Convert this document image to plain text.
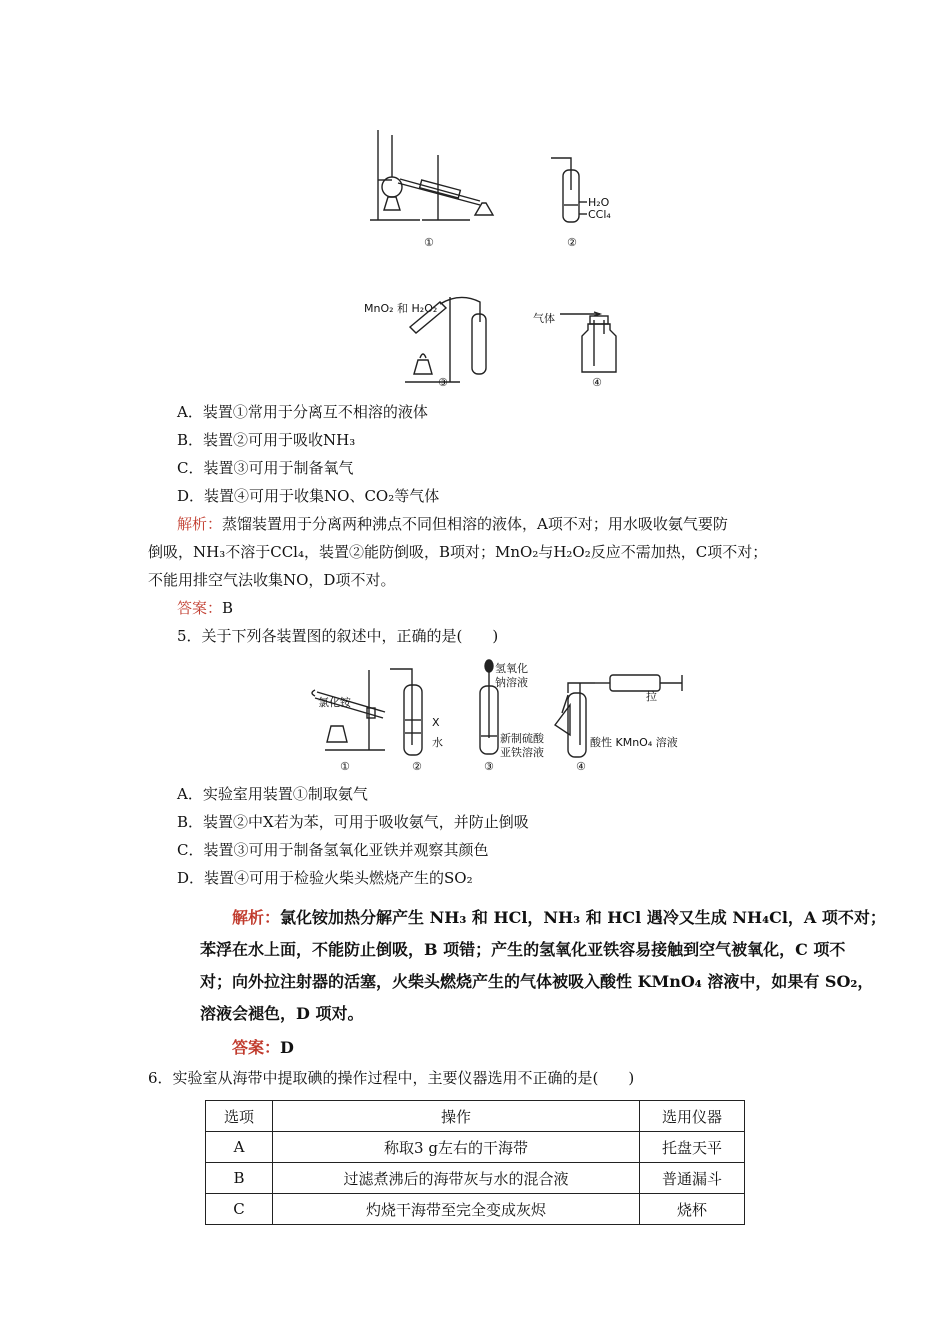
①
H₂O
CCl₄
②
MnO₂ 和 H₂O₂
③
气体
④
A．装置①常用于分离互不相溶的液体
B．装置②可用于吸收NH₃
C．装置③可用于制备氧气
D．装置④可用于收集NO、CO₂等气体
解析：蒸馏装置用于分离两种沸点不同但相溶的液体，A项不对；用水吸收氨气要防
倒吸，NH₃不溶于CCl₄，装置②能防倒吸，B项对；MnO₂与H₂O₂反应不需加热，C项不对；
不能用排空气法收集NO，D项不对。
答案：B
5．关于下列各装置图的叙述中，正确的是(　　)
氯化铵
①
X
水
②
氢氧化
钠溶液
新制硫酸
亚铁溶液
③
拉
酸性 KMnO₄ 溶液
④
A．实验室用装置①制取氨气
B．装置②中X若为苯，可用于吸收氨气，并防止倒吸
C．装置③可用于制备氢氧化亚铁并观察其颜色
D．装置④可用于检验火柴头燃烧产生的SO₂
解析：氯化铵加热分解产生 NH₃ 和 HCl，NH₃ 和 HCl 遇冷又生成 NH₄Cl，A 项不对；
苯浮在水上面，不能防止倒吸，B 项错；产生的氢氧化亚铁容易接触到空气被氧化，C 项不
对；向外拉注射器的活塞，火柴头燃烧产生的气体被吸入酸性 KMnO₄ 溶液中，如果有 SO₂，
溶液会褪色，D 项对。
答案：D
6．实验室从海带中提取碘的操作过程中，主要仪器选用不正确的是(　　)
选项	操作	选用仪器
A	称取3 g左右的干海带	托盘天平
B	过滤煮沸后的海带灰与水的混合液	普通漏斗
C	灼烧干海带至完全变成灰烬	烧杯
